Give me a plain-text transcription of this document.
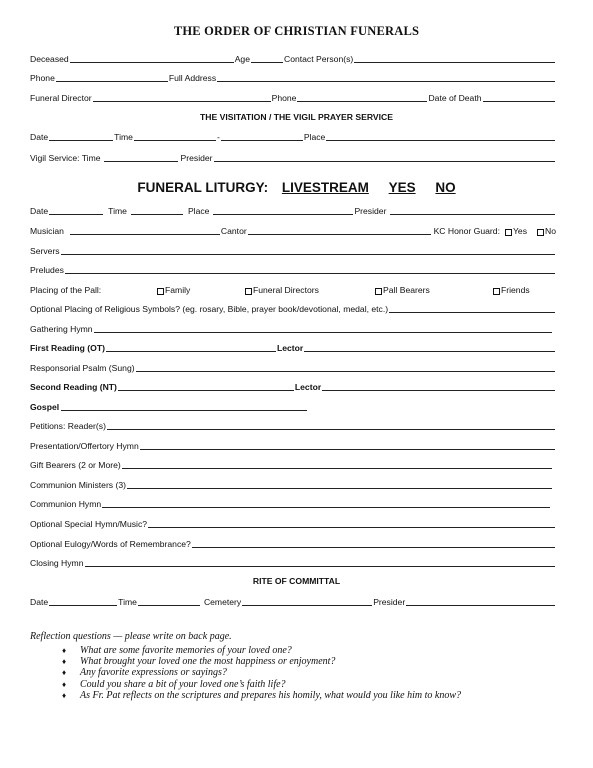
THE ORDER OF CHRISTIAN FUNERALS
Deceased	Age	Contact Person(s)
Phone	Full Address
Funeral Director	Phone	Date of Death
THE VISITATION / THE VIGIL PRAYER SERVICE
Date	Time	-	Place
Vigil Service: Time	Presider
FUNERAL LITURGY: LIVESTREAM YES NO
Date	Time	Place	Presider
Musician	Cantor	KC Honor Guard: Yes No
Servers
Preludes
Placing of the Pall:	Family	Funeral Directors	Pall Bearers	Friends
Optional Placing of Religious Symbols? (eg. rosary, Bible, prayer book/devotional, medal, etc.)
Gathering Hymn
First Reading (OT)	Lector
Responsorial Psalm (Sung)
Second Reading (NT)	Lector
Gospel
Petitions: Reader(s)
Presentation/Offertory Hymn
Gift Bearers (2 or More)
Communion Ministers (3)
Communion Hymn
Optional Special Hymn/Music?
Optional Eulogy/Words of Remembrance?
Closing Hymn
RITE OF COMMITTAL
Date	Time	Cemetery	Presider
Reflection questions — please write on back page.
♦ What are some favorite memories of your loved one?
♦ What brought your loved one the most happiness or enjoyment?
♦ Any favorite expressions or sayings?
♦ Could you share a bit of your loved one’s faith life?
♦ As Fr. Pat reflects on the scriptures and prepares his homily, what would you like him to know?
